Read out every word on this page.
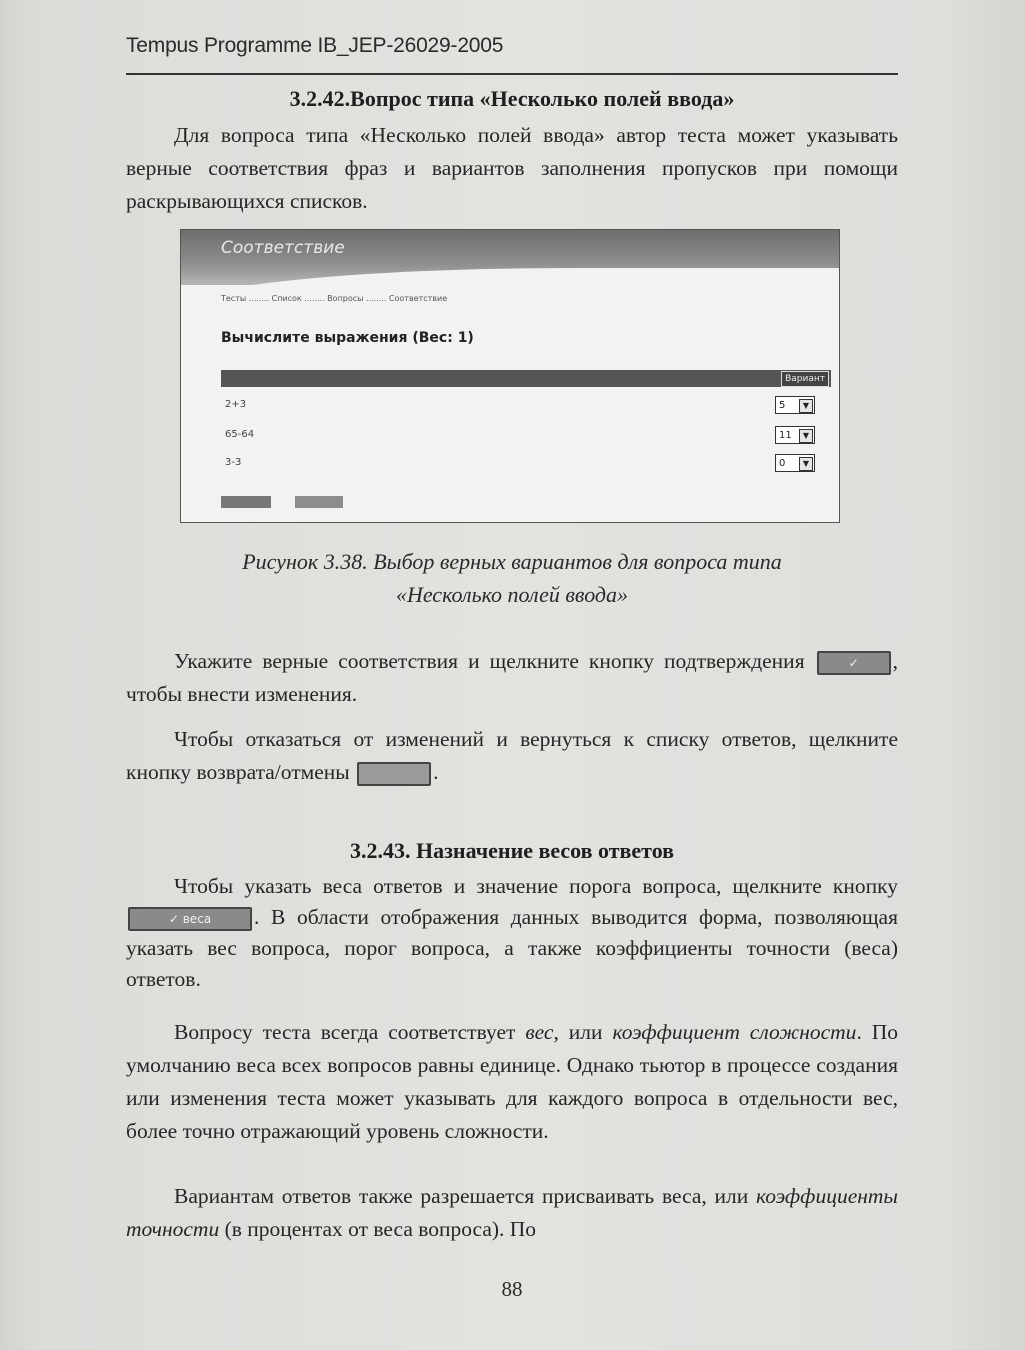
Tempus Programme IB_JEP-26029-2005
3.2.42.Вопрос типа «Несколько полей ввода»

Для вопроса типа «Несколько полей ввода» автор теста может указывать верные соответствия фраз и вариантов заполнения пропусков при помощи раскрывающихся списков.

Соответствие
Тесты ........ Список ........ Вопросы ........ Соответствие
Вычислите выражения (Вес: 1)
Вариант
2+3	5	▼
65-64	11	▼
3-3	0	▼
Рисунок 3.38. Выбор верных вариантов для вопроса типа
«Несколько полей ввода»

Укажите верные соответствия и щелкните кнопку подтверждения	✓ , чтобы внести изменения.

Чтобы отказаться от изменений и вернуться к списку ответов, щелкните кнопку возврата/отмены	.

3.2.43. Назначение весов ответов

Чтобы указать веса ответов и значение порога вопроса, щелкните кнопку ✓ веса . В области отображения данных выводится форма, позволяющая указать вес вопроса, порог вопроса, а также коэффициенты точности (веса) ответов.

Вопросу теста всегда соответствует вес, или коэффициент сложности. По умолчанию веса всех вопросов равны единице. Однако тьютор в процессе создания или изменения теста может указывать для каждого вопроса в отдельности вес, более точно отражающий уровень сложности.

Вариантам ответов также разрешается присваивать веса, или коэффициенты точности (в процентах от веса вопроса). По

88
